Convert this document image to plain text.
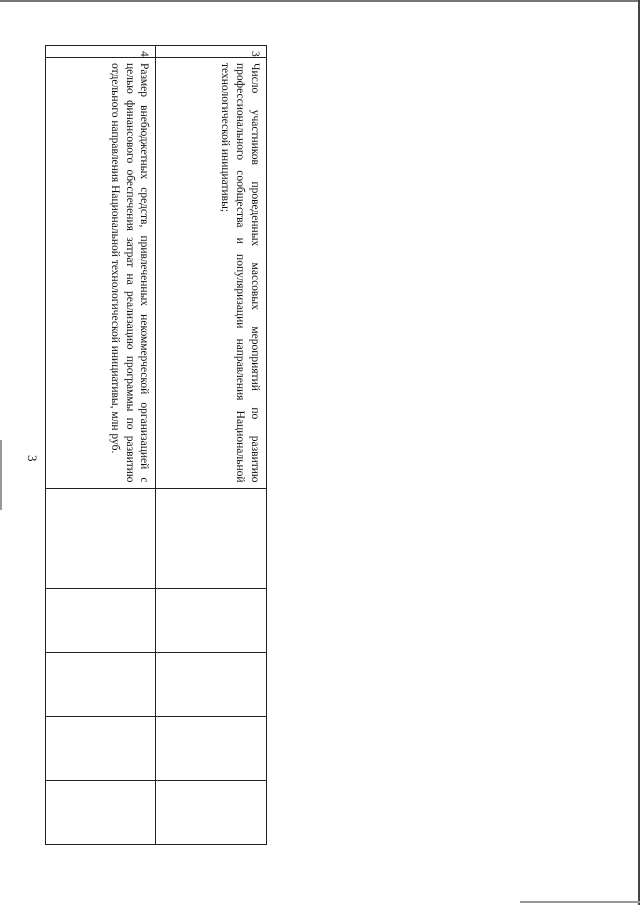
3
3	Число участников проведенных массовых мероприятий по развитию профессионального сообщества и популяризации направления Национальной технологической инициативы;					
4	Размер внебюджетных средств, привлеченных некоммерческой организацией с целью финансового обеспечения затрат на реализацию программы по развитию отдельного направления Национальной технологической инициативы, млн руб.					
